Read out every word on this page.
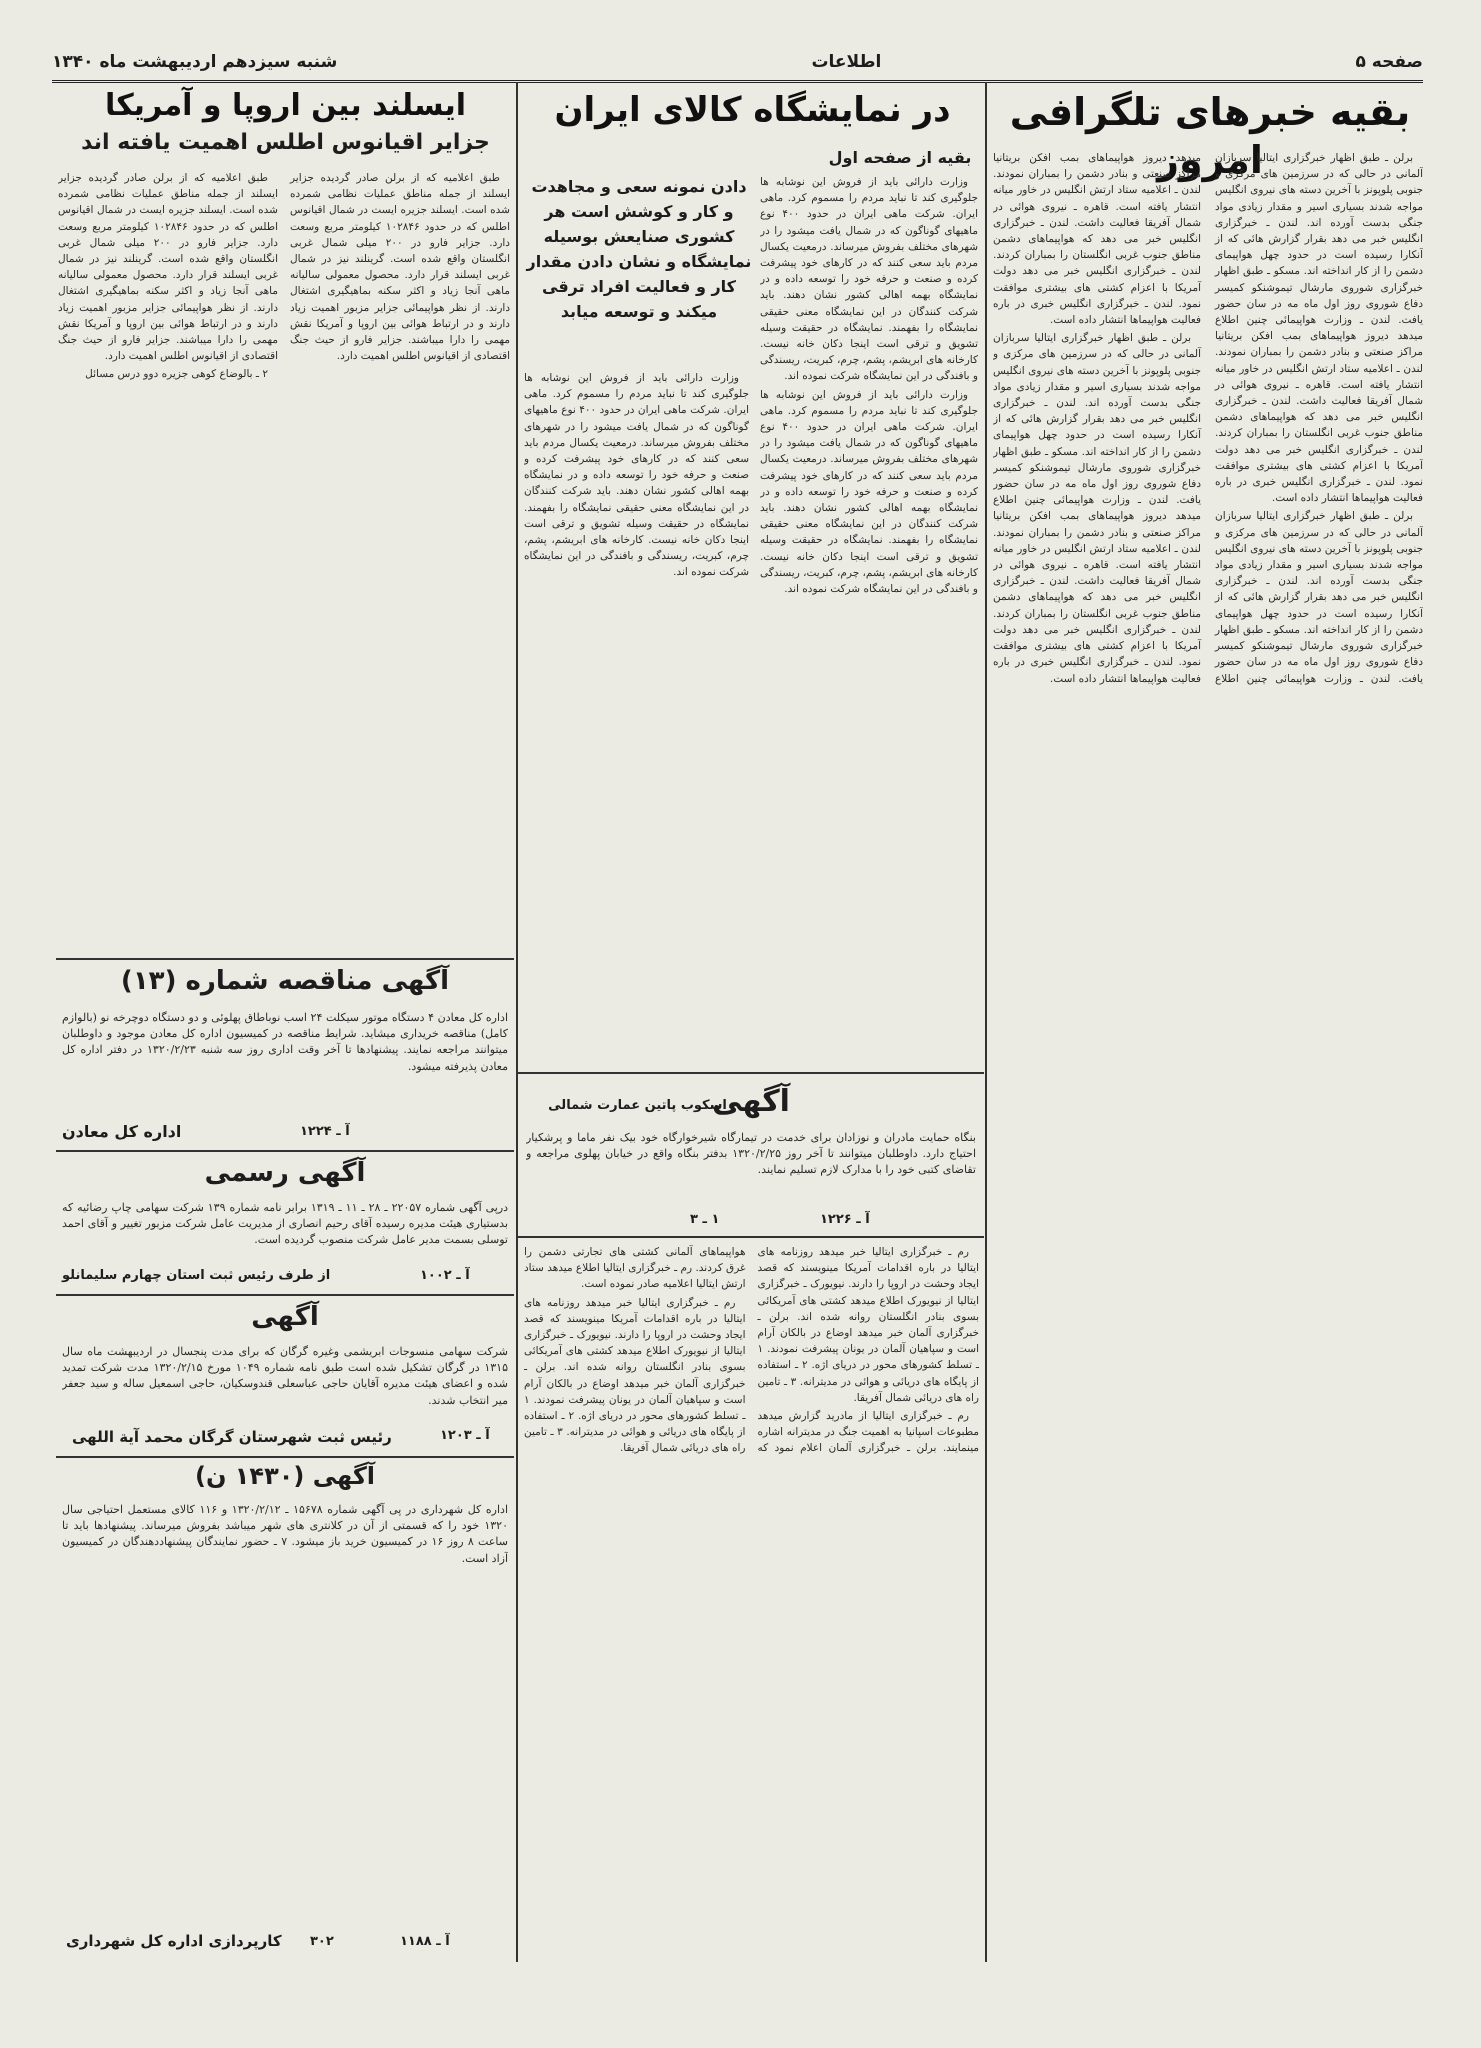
صفحه ۵
اطلاعات
شنبه سیزدهم اردیبهشت ماه ۱۳۴۰
بقیه خبرهای تلگرافی امروز

برلن ـ طبق اظهار خبرگزاری ایتالیا سربازان آلمانی در حالی که در سرزمین های مرکزی و جنوبی پلوپونز با آخرین دسته های نیروی انگلیس مواجه شدند بسیاری اسیر و مقدار زیادی مواد جنگی بدست آورده اند. لندن ـ خبرگزاری انگلیس خبر می دهد بقرار گزارش هائی که از آنکارا رسیده است در حدود چهل هواپیمای دشمن را از کار انداخته اند. مسکو ـ طبق اظهار خبرگزاری شوروی مارشال تیموشنکو کمیسر دفاع شوروی روز اول ماه مه در سان حضور یافت. لندن ـ وزارت هواپیمائی چنین اطلاع میدهد دیروز هواپیماهای بمب افکن بریتانیا مراکز صنعتی و بنادر دشمن را بمباران نمودند. لندن ـ اعلامیه ستاد ارتش انگلیس در خاور میانه انتشار یافته است. قاهره ـ نیروی هوائی در شمال آفریقا فعالیت داشت. لندن ـ خبرگزاری انگلیس خبر می دهد که هواپیماهای دشمن مناطق جنوب غربی انگلستان را بمباران کردند. لندن ـ خبرگزاری انگلیس خبر می دهد دولت آمریکا با اعزام کشتی های بیشتری موافقت نمود. لندن ـ خبرگزاری انگلیس خبری در باره فعالیت هواپیماها انتشار داده است.

برلن ـ طبق اظهار خبرگزاری ایتالیا سربازان آلمانی در حالی که در سرزمین های مرکزی و جنوبی پلوپونز با آخرین دسته های نیروی انگلیس مواجه شدند بسیاری اسیر و مقدار زیادی مواد جنگی بدست آورده اند. لندن ـ خبرگزاری انگلیس خبر می دهد بقرار گزارش هائی که از آنکارا رسیده است در حدود چهل هواپیمای دشمن را از کار انداخته اند. مسکو ـ طبق اظهار خبرگزاری شوروی مارشال تیموشنکو کمیسر دفاع شوروی روز اول ماه مه در سان حضور یافت. لندن ـ وزارت هواپیمائی چنین اطلاع میدهد دیروز هواپیماهای بمب افکن بریتانیا مراکز صنعتی و بنادر دشمن را بمباران نمودند. لندن ـ اعلامیه ستاد ارتش انگلیس در خاور میانه انتشار یافته است. قاهره ـ نیروی هوائی در شمال آفریقا فعالیت داشت. لندن ـ خبرگزاری انگلیس خبر می دهد که هواپیماهای دشمن مناطق جنوب غربی انگلستان را بمباران کردند. لندن ـ خبرگزاری انگلیس خبر می دهد دولت آمریکا با اعزام کشتی های بیشتری موافقت نمود. لندن ـ خبرگزاری انگلیس خبری در باره فعالیت هواپیماها انتشار داده است.

برلن ـ طبق اظهار خبرگزاری ایتالیا سربازان آلمانی در حالی که در سرزمین های مرکزی و جنوبی پلوپونز با آخرین دسته های نیروی انگلیس مواجه شدند بسیاری اسیر و مقدار زیادی مواد جنگی بدست آورده اند. لندن ـ خبرگزاری انگلیس خبر می دهد بقرار گزارش هائی که از آنکارا رسیده است در حدود چهل هواپیمای دشمن را از کار انداخته اند. مسکو ـ طبق اظهار خبرگزاری شوروی مارشال تیموشنکو کمیسر دفاع شوروی روز اول ماه مه در سان حضور یافت. لندن ـ وزارت هواپیمائی چنین اطلاع میدهد دیروز هواپیماهای بمب افکن بریتانیا مراکز صنعتی و بنادر دشمن را بمباران نمودند. لندن ـ اعلامیه ستاد ارتش انگلیس در خاور میانه انتشار یافته است. قاهره ـ نیروی هوائی در شمال آفریقا فعالیت داشت. لندن ـ خبرگزاری انگلیس خبر می دهد که هواپیماهای دشمن مناطق جنوب غربی انگلستان را بمباران کردند. لندن ـ خبرگزاری انگلیس خبر می دهد دولت آمریکا با اعزام کشتی های بیشتری موافقت نمود. لندن ـ خبرگزاری انگلیس خبری در باره فعالیت هواپیماها انتشار داده است.

در نمایشگاه کالای ایران
بقیه از صفحه اول
دادن نمونه سعی و مجاهدت و کار و کوشش است هر کشوری صنایعش بوسیله نمایشگاه و نشان دادن مقدار کار و فعالیت افراد ترقی میکند و توسعه میابد

وزارت دارائی باید از فروش این نوشابه ها جلوگیری کند تا نباید مردم را مسموم کرد. ماهی ایران. شرکت ماهی ایران در حدود ۴۰۰ نوع ماهیهای گوناگون که در شمال یافت میشود را در شهرهای مختلف بفروش میرساند. درمعیت یکسال مردم باید سعی کنند که در کارهای خود پیشرفت کرده و صنعت و حرفه خود را توسعه داده و در نمایشگاه بهمه اهالی کشور نشان دهند. باید شرکت کنندگان در این نمایشگاه معنی حقیقی نمایشگاه را بفهمند. نمایشگاه در حقیقت وسیله تشویق و ترقی است اینجا دکان خانه نیست. کارخانه های ابریشم، پشم، چرم، کبریت، ریسندگی و بافندگی در این نمایشگاه شرکت نموده اند.

وزارت دارائی باید از فروش این نوشابه ها جلوگیری کند تا نباید مردم را مسموم کرد. ماهی ایران. شرکت ماهی ایران در حدود ۴۰۰ نوع ماهیهای گوناگون که در شمال یافت میشود را در شهرهای مختلف بفروش میرساند. درمعیت یکسال مردم باید سعی کنند که در کارهای خود پیشرفت کرده و صنعت و حرفه خود را توسعه داده و در نمایشگاه بهمه اهالی کشور نشان دهند. باید شرکت کنندگان در این نمایشگاه معنی حقیقی نمایشگاه را بفهمند. نمایشگاه در حقیقت وسیله تشویق و ترقی است اینجا دکان خانه نیست. کارخانه های ابریشم، پشم، چرم، کبریت، ریسندگی و بافندگی در این نمایشگاه شرکت نموده اند.

وزارت دارائی باید از فروش این نوشابه ها جلوگیری کند تا نباید مردم را مسموم کرد. ماهی ایران. شرکت ماهی ایران در حدود ۴۰۰ نوع ماهیهای گوناگون که در شمال یافت میشود را در شهرهای مختلف بفروش میرساند. درمعیت یکسال مردم باید سعی کنند که در کارهای خود پیشرفت کرده و صنعت و حرفه خود را توسعه داده و در نمایشگاه بهمه اهالی کشور نشان دهند. باید شرکت کنندگان در این نمایشگاه معنی حقیقی نمایشگاه را بفهمند. نمایشگاه در حقیقت وسیله تشویق و ترقی است اینجا دکان خانه نیست. کارخانه های ابریشم، پشم، چرم، کبریت، ریسندگی و بافندگی در این نمایشگاه شرکت نموده اند.

اسکوب پاتین عمارت شمالی
آگهی
بنگاه حمایت مادران و نوزادان برای خدمت در تیمارگاه شیرخوارگاه خود بیک نفر ماما و پرشکیار احتیاج دارد. داوطلبان میتوانند تا آخر روز ۱۳۲۰/۲/۲۵ بدفتر بنگاه واقع در خیابان پهلوی مراجعه و تقاضای کتبی خود را با مدارک لازم تسلیم نمایند.
آ ـ ۱۲۲۶
۱ ـ ۳

رم ـ خبرگزاری ایتالیا خبر میدهد روزنامه های ایتالیا در باره اقدامات آمریکا مینویسند که قصد ایجاد وحشت در اروپا را دارند. نیویورک ـ خبرگزاری ایتالیا از نیویورک اطلاع میدهد کشتی های آمریکائی بسوی بنادر انگلستان روانه شده اند. برلن ـ خبرگزاری آلمان خبر میدهد اوضاع در بالکان آرام است و سپاهیان آلمان در یونان پیشرفت نمودند. ۱ ـ تسلط کشورهای محور در دریای اژه. ۲ ـ استفاده از پایگاه های دریائی و هوائی در مدیترانه. ۳ ـ تامین راه های دریائی شمال آفریقا.

رم ـ خبرگزاری ایتالیا از مادرید گزارش میدهد مطبوعات اسپانیا به اهمیت جنگ در مدیترانه اشاره مینمایند. برلن ـ خبرگزاری آلمان اعلام نمود که هواپیماهای آلمانی کشتی های تجارتی دشمن را غرق کردند. رم ـ خبرگزاری ایتالیا اطلاع میدهد ستاد ارتش ایتالیا اعلامیه صادر نموده است.

رم ـ خبرگزاری ایتالیا خبر میدهد روزنامه های ایتالیا در باره اقدامات آمریکا مینویسند که قصد ایجاد وحشت در اروپا را دارند. نیویورک ـ خبرگزاری ایتالیا از نیویورک اطلاع میدهد کشتی های آمریکائی بسوی بنادر انگلستان روانه شده اند. برلن ـ خبرگزاری آلمان خبر میدهد اوضاع در بالکان آرام است و سپاهیان آلمان در یونان پیشرفت نمودند. ۱ ـ تسلط کشورهای محور در دریای اژه. ۲ ـ استفاده از پایگاه های دریائی و هوائی در مدیترانه. ۳ ـ تامین راه های دریائی شمال آفریقا.

ایسلند بین اروپا و آمریکا
جزایر اقیانوس اطلس اهمیت یافته اند

طبق اعلامیه که از برلن صادر گردیده جزایر ایسلند از جمله مناطق عملیات نظامی شمرده شده است. ایسلند جزیره ایست در شمال اقیانوس اطلس که در حدود ۱۰۲۸۴۶ کیلومتر مربع وسعت دارد. جزایر فارو در ۲۰۰ میلی شمال غربی انگلستان واقع شده است. گرینلند نیز در شمال غربی ایسلند قرار دارد. محصول معمولی سالیانه ماهی آنجا زیاد و اکثر سکنه بماهیگیری اشتغال دارند. از نظر هواپیمائی جزایر مزبور اهمیت زیاد دارند و در ارتباط هوائی بین اروپا و آمریکا نقش مهمی را دارا میباشند. جزایر فارو از حیث جنگ اقتصادی از اقیانوس اطلس اهمیت دارد.

طبق اعلامیه که از برلن صادر گردیده جزایر ایسلند از جمله مناطق عملیات نظامی شمرده شده است. ایسلند جزیره ایست در شمال اقیانوس اطلس که در حدود ۱۰۲۸۴۶ کیلومتر مربع وسعت دارد. جزایر فارو در ۲۰۰ میلی شمال غربی انگلستان واقع شده است. گرینلند نیز در شمال غربی ایسلند قرار دارد. محصول معمولی سالیانه ماهی آنجا زیاد و اکثر سکنه بماهیگیری اشتغال دارند. از نظر هواپیمائی جزایر مزبور اهمیت زیاد دارند و در ارتباط هوائی بین اروپا و آمریکا نقش مهمی را دارا میباشند. جزایر فارو از حیث جنگ اقتصادی از اقیانوس اطلس اهمیت دارد.

۲ ـ بالوضاع کوهی جزیره دوو درس مسائل

آگهی مناقصه شماره (۱۳)
اداره کل معادن ۴ دستگاه موتور سیکلت ۲۴ اسب نوباطاق پهلوئی و دو دستگاه دوچرخه نو (بالوازم کامل) مناقصه خریداری میشاید. شرایط مناقصه در کمیسیون اداره کل معادن موجود و داوطلبان میتوانند مراجعه نمایند. پیشنهادها تا آخر وقت اداری روز سه شنبه ۱۳۲۰/۲/۲۳ در دفتر اداره کل معادن پذیرفته میشود.
آ ـ ۱۲۲۴
اداره کل معادن
آگهی رسمی
درپی آگهی شماره ۲۲۰۵۷ ـ ۲۸ ـ ۱۱ ـ ۱۳۱۹ برابر نامه شماره ۱۳۹ شرکت سهامی چاپ رضائیه که بدستیاری هیئت مدیره رسیده آقای رحیم انصاری از مدیریت عامل شرکت مزبور تغییر و آقای احمد توسلی بسمت مدیر عامل شرکت منصوب گردیده است.
آ ـ ۱۰۰۲
از طرف رئیس ثبت استان چهارم سلیمانلو
آگهی
شرکت سهامی منسوجات ابریشمی وغیره گرگان که برای مدت پنجسال در اردیبهشت ماه سال ۱۳۱۵ در گرگان تشکیل شده است طبق نامه شماره ۱۰۴۹ مورخ ۱۳۲۰/۲/۱۵ مدت شرکت تمدید شده و اعضای هیئت مدیره آقایان حاجی عباسعلی قندوسکیان، حاجی اسمعیل ساله و سید جعفر میر انتخاب شدند.
آ ـ ۱۲۰۳
رئیس ثبت شهرستان گرگان محمد آیة اللهی
آگهی (۱۴۳۰ ن)
اداره کل شهرداری در پی آگهی شماره ۱۵۶۷۸ ـ ۱۳۲۰/۲/۱۲ و ۱۱۶ کالای مستعمل احتیاجی سال ۱۳۲۰ خود را که قسمتی از آن در کلانتری های شهر میباشد بفروش میرساند. پیشنهادها باید تا ساعت ۸ روز ۱۶ در کمیسیون خرید باز میشود. ۷ ـ حضور نمایندگان پیشنهاددهندگان در کمیسیون آزاد است.
آ ـ ۱۱۸۸
۳۰۲
کارپردازی اداره کل شهرداری
